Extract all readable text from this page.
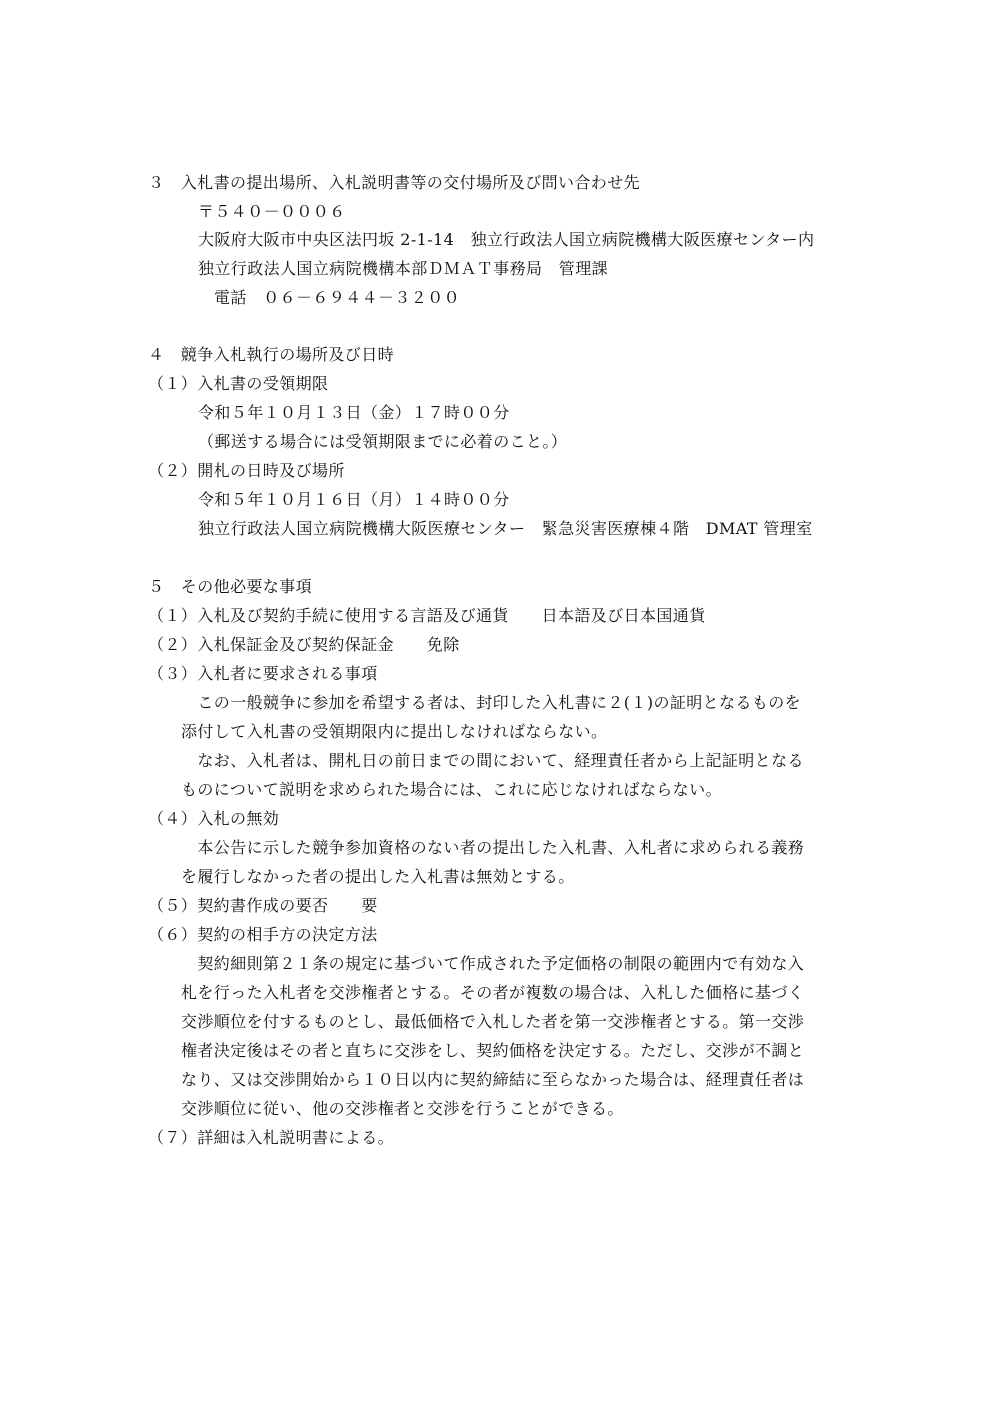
３　入札書の提出場所、入札説明書等の交付場所及び問い合わせ先
〒５４０－０００６
大阪府大阪市中央区法円坂 2-1-14　独立行政法人国立病院機構大阪医療センター内
独立行政法人国立病院機構本部ＤＭＡＴ事務局　管理課
電話　０６－６９４４－３２００
４　競争入札執行の場所及び日時
（１）入札書の受領期限
令和５年１０月１３日（金）１７時００分
（郵送する場合には受領期限までに必着のこと。）
（２）開札の日時及び場所
令和５年１０月１６日（月）１４時００分
独立行政法人国立病院機構大阪医療センター　緊急災害医療棟４階　DMAT 管理室
５　その他必要な事項
（１）入札及び契約手続に使用する言語及び通貨　　日本語及び日本国通貨
（２）入札保証金及び契約保証金　　免除
（３）入札者に要求される事項
　この一般競争に参加を希望する者は、封印した入札書に２(１)の証明となるものを
添付して入札書の受領期限内に提出しなければならない。
　なお、入札者は、開札日の前日までの間において、経理責任者から上記証明となる
ものについて説明を求められた場合には、これに応じなければならない。
（４）入札の無効
　本公告に示した競争参加資格のない者の提出した入札書、入札者に求められる義務
を履行しなかった者の提出した入札書は無効とする。
（５）契約書作成の要否　　要
（６）契約の相手方の決定方法
　契約細則第２１条の規定に基づいて作成された予定価格の制限の範囲内で有効な入
札を行った入札者を交渉権者とする。その者が複数の場合は、入札した価格に基づく
交渉順位を付するものとし、最低価格で入札した者を第一交渉権者とする。第一交渉
権者決定後はその者と直ちに交渉をし、契約価格を決定する。ただし、交渉が不調と
なり、又は交渉開始から１０日以内に契約締結に至らなかった場合は、経理責任者は
交渉順位に従い、他の交渉権者と交渉を行うことができる。
（７）詳細は入札説明書による。
